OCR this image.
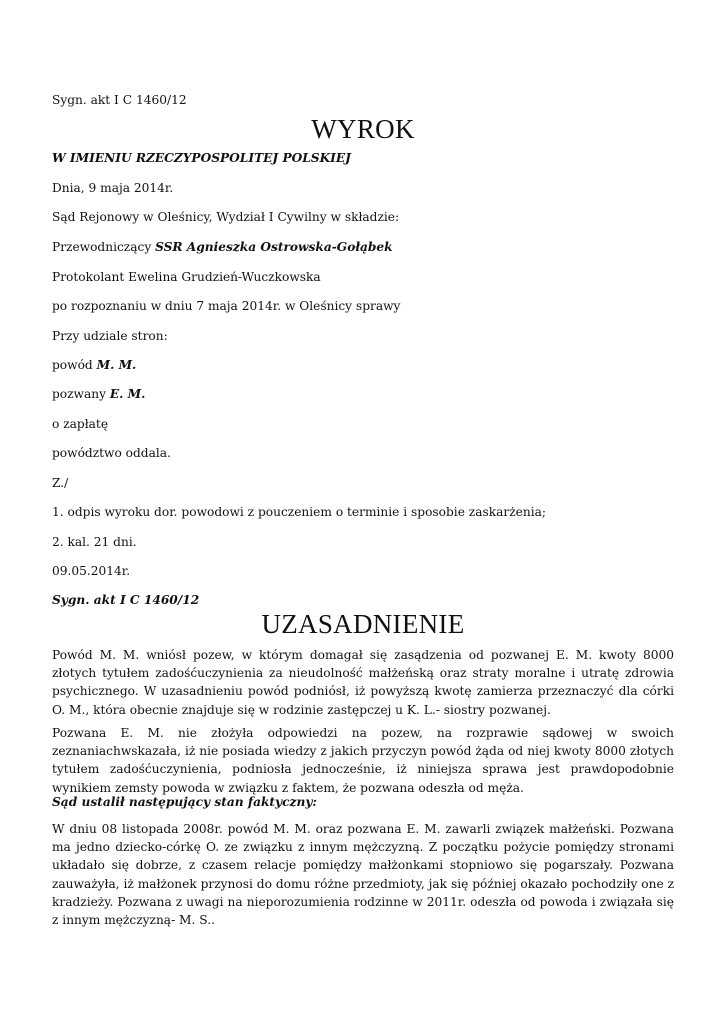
Sygn. akt I C 1460/12
WYROK
W IMIENIU RZECZYPOSPOLITEJ POLSKIEJ
Dnia, 9 maja 2014r.
Sąd Rejonowy w Oleśnicy, Wydział I Cywilny w składzie:
Przewodniczący SSR Agnieszka Ostrowska-Gołąbek
Protokolant Ewelina Grudzień-Wuczkowska
po rozpoznaniu w dniu 7 maja 2014r. w Oleśnicy sprawy
Przy udziale stron:
powód M. M.
pozwany E. M.
o zapłatę
powództwo oddala.
Z./
1. odpis wyroku dor. powodowi z pouczeniem o terminie i sposobie zaskarżenia;
2. kal. 21 dni.
09.05.2014r.
Sygn. akt I C 1460/12
UZASADNIENIE
Powód M. M. wniósł pozew, w którym domagał się zasądzenia od pozwanej E. M. kwoty 8000 złotych tytułem zadośćuczynienia za nieudolność małżeńską oraz straty moralne i utratę zdrowia psychicznego. W uzasadnieniu powód podniósł, iż powyższą kwotę zamierza przeznaczyć dla córki O. M., która obecnie znajduje się w rodzinie zastępczej u K. L.- siostry pozwanej.
Pozwana E. M. nie złożyła odpowiedzi na pozew, na rozprawie sądowej w swoich zeznaniachwskazała, iż nie posiada wiedzy z jakich przyczyn powód żąda od niej kwoty 8000 złotych tytułem zadośćuczynienia, podniosła jednocześnie, iż niniejsza sprawa jest prawdopodobnie wynikiem zemsty powoda w związku z faktem, że pozwana odeszła od męża.
Sąd ustalił następujący stan faktyczny:
W dniu 08 listopada 2008r. powód M. M. oraz pozwana E. M. zawarli związek małżeński. Pozwana ma jedno dziecko-córkę O. ze związku z innym mężczyzną. Z początku pożycie pomiędzy stronami układało się dobrze, z czasem relacje pomiędzy małżonkami stopniowo się pogarszały. Pozwana zauważyła, iż małżonek przynosi do domu różne przedmioty, jak się później okazało pochodziły one z kradzieży. Pozwana z uwagi na nieporozumienia rodzinne w 2011r. odeszła od powoda i związała się z innym mężczyzną- M. S..
